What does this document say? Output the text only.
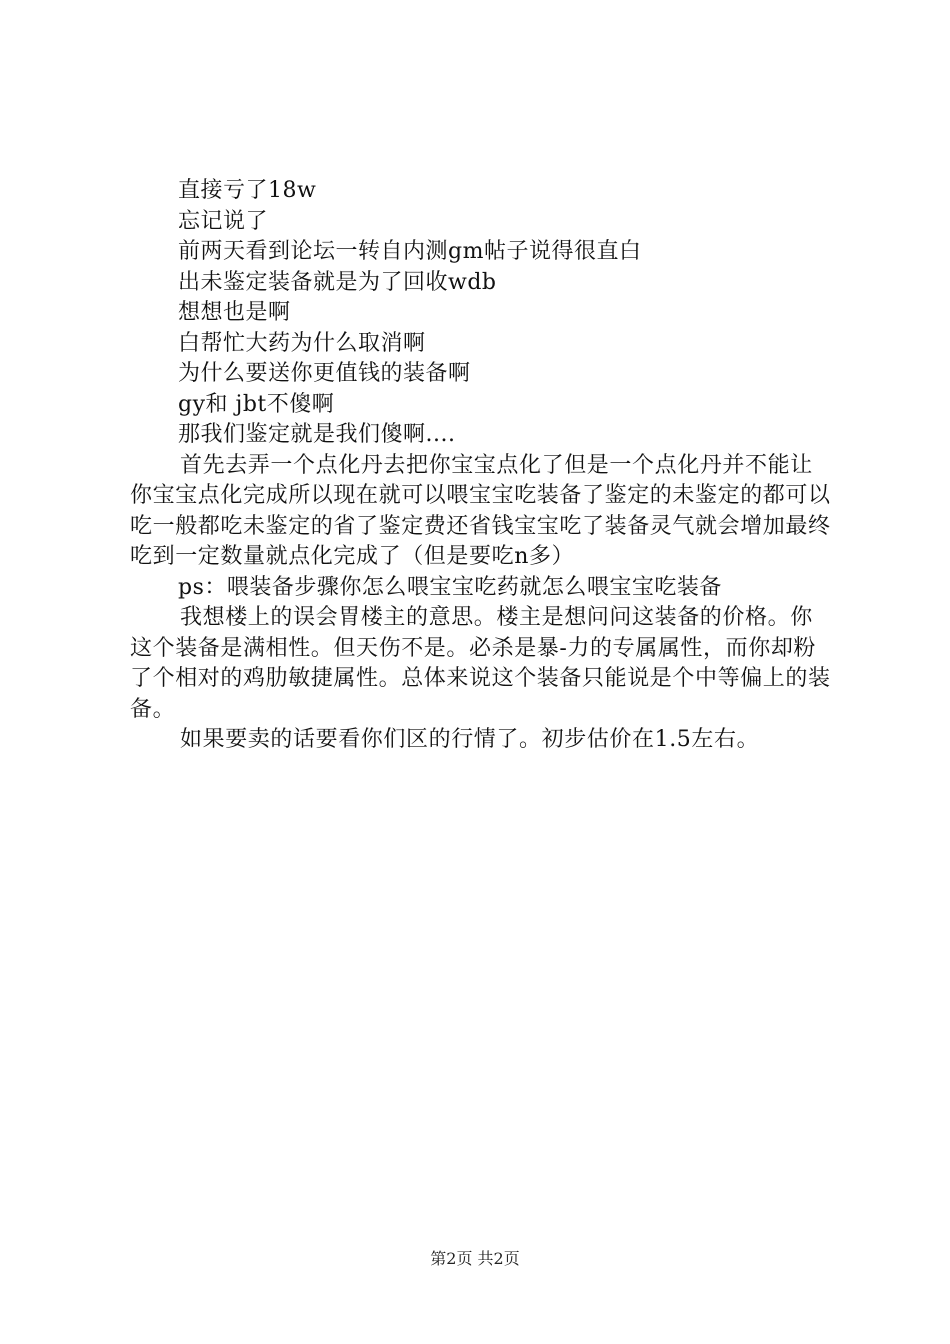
直接亏了18w
忘记说了
前两天看到论坛一转自内测gm帖子说得很直白
出未鉴定装备就是为了回收wdb
想想也是啊
白帮忙大药为什么取消啊
为什么要送你更值钱的装备啊
gy和 jbt不傻啊
那我们鉴定就是我们傻啊....

首先去弄一个点化丹去把你宝宝点化了但是一个点化丹并不能让你宝宝点化完成所以现在就可以喂宝宝吃装备了鉴定的未鉴定的都可以吃一般都吃未鉴定的省了鉴定费还省钱宝宝吃了装备灵气就会增加最终吃到一定数量就点化完成了（但是要吃n多）

ps：喂装备步骤你怎么喂宝宝吃药就怎么喂宝宝吃装备

我想楼上的误会胃楼主的意思。楼主是想问问这装备的价格。你这个装备是满相性。但天伤不是。必杀是暴-力的专属属性，而你却粉了个相对的鸡肋敏捷属性。总体来说这个装备只能说是个中等偏上的装备。

如果要卖的话要看你们区的行情了。初步估价在1.5左右。

第2页 共2页
